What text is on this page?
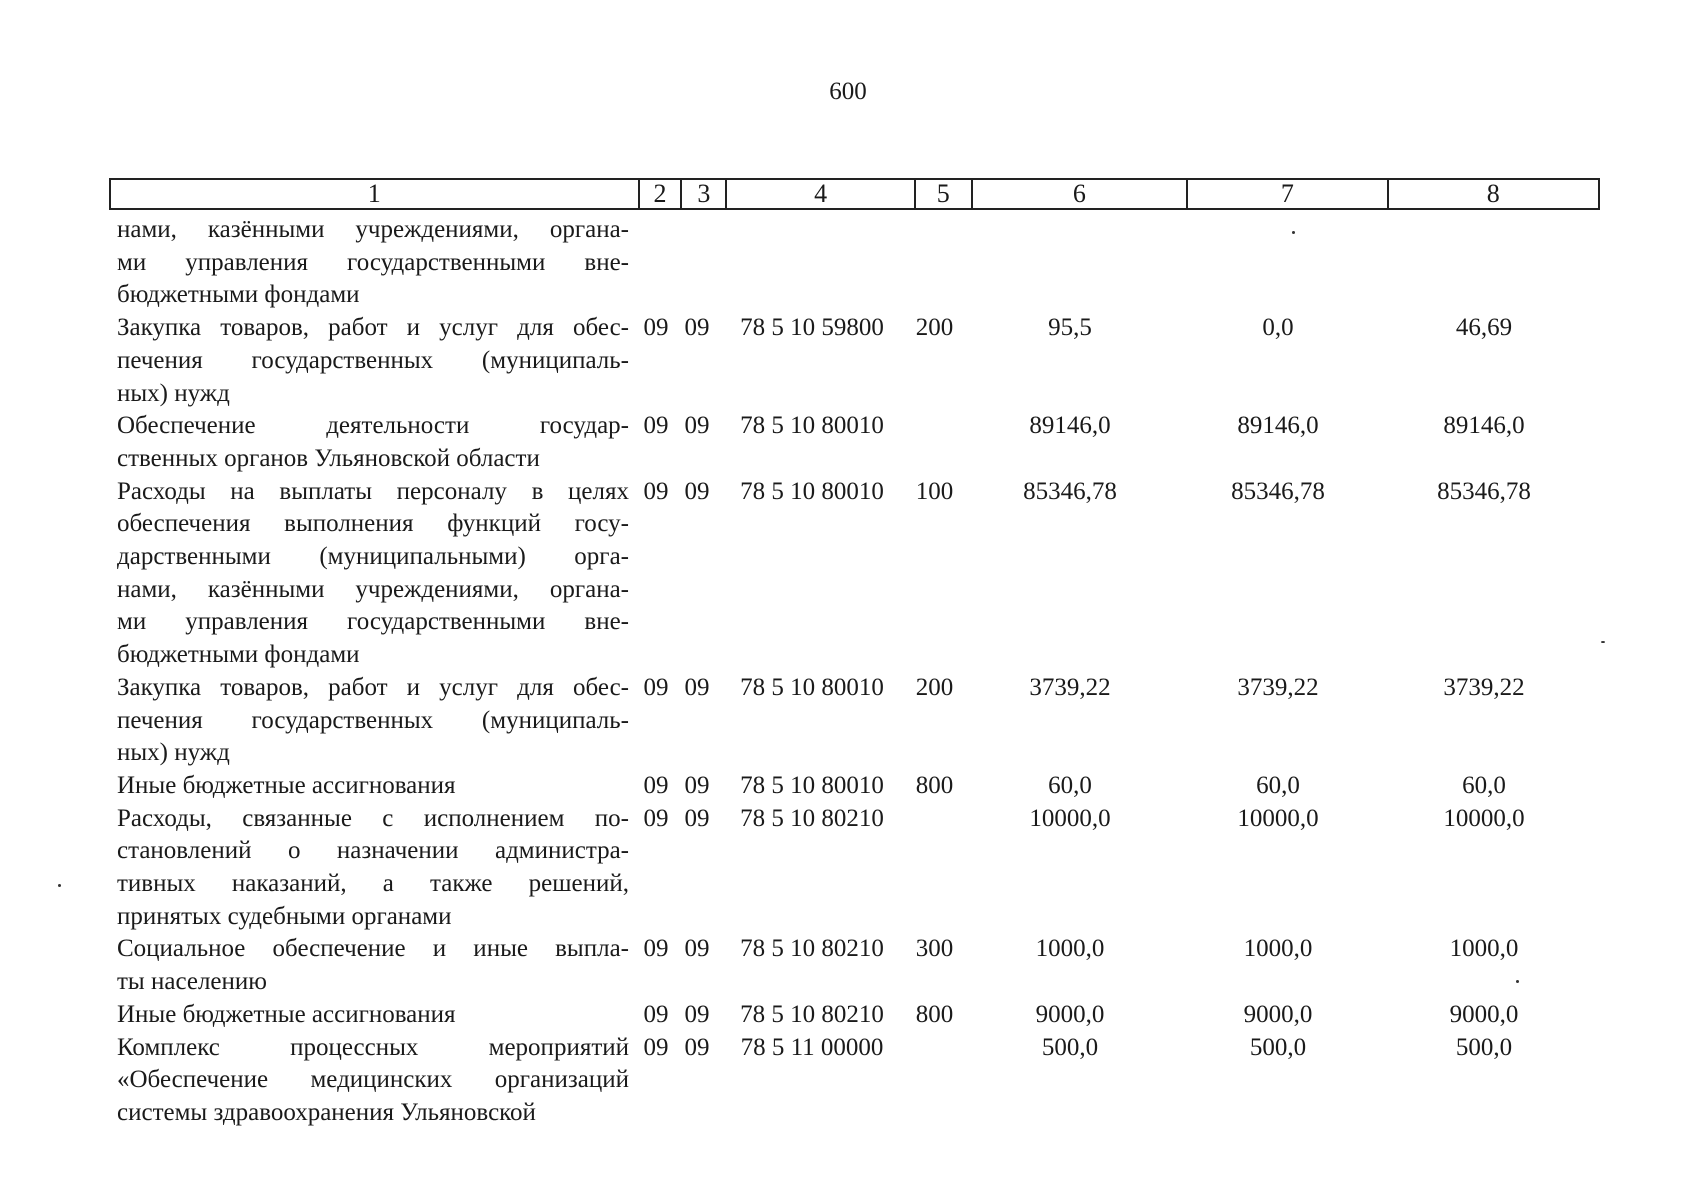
600
1	2	3	4	5	6	7	8
нами, казёнными учреждениями, органа-
ми управления государственными вне-
бюджетными фондами
Закупка товаров, работ и услуг для обес-
печения государственных (муниципаль-
ных) нужд
09 09	78 5 10 59800	200	95,5	0,0	46,69
Обеспечение деятельности государ-
ственных органов Ульяновской области
09 09	78 5 10 80010	89146,0	89146,0	89146,0
Расходы на выплаты персоналу в целях
обеспечения выполнения функций госу-
дарственными (муниципальными) орга-
нами, казёнными учреждениями, органа-
ми управления государственными вне-
бюджетными фондами
09 09	78 5 10 80010	100	85346,78	85346,78	85346,78
Закупка товаров, работ и услуг для обес-
печения государственных (муниципаль-
ных) нужд
09 09	78 5 10 80010	200	3739,22	3739,22	3739,22
Иные бюджетные ассигнования	09 09	78 5 10 80010	800	60,0	60,0	60,0
Расходы, связанные с исполнением по-
становлений о назначении администра-
тивных наказаний, а также решений,
принятых судебными органами
09 09	78 5 10 80210	10000,0	10000,0	10000,0
Социальное обеспечение и иные выпла-
ты населению
09 09	78 5 10 80210	300	1000,0	1000,0	1000,0
Иные бюджетные ассигнования	09 09	78 5 10 80210	800	9000,0	9000,0	9000,0
Комплекс процессных мероприятий
«Обеспечение медицинских организаций
системы здравоохранения Ульяновской
09 09	78 5 11 00000	500,0	500,0	500,0
